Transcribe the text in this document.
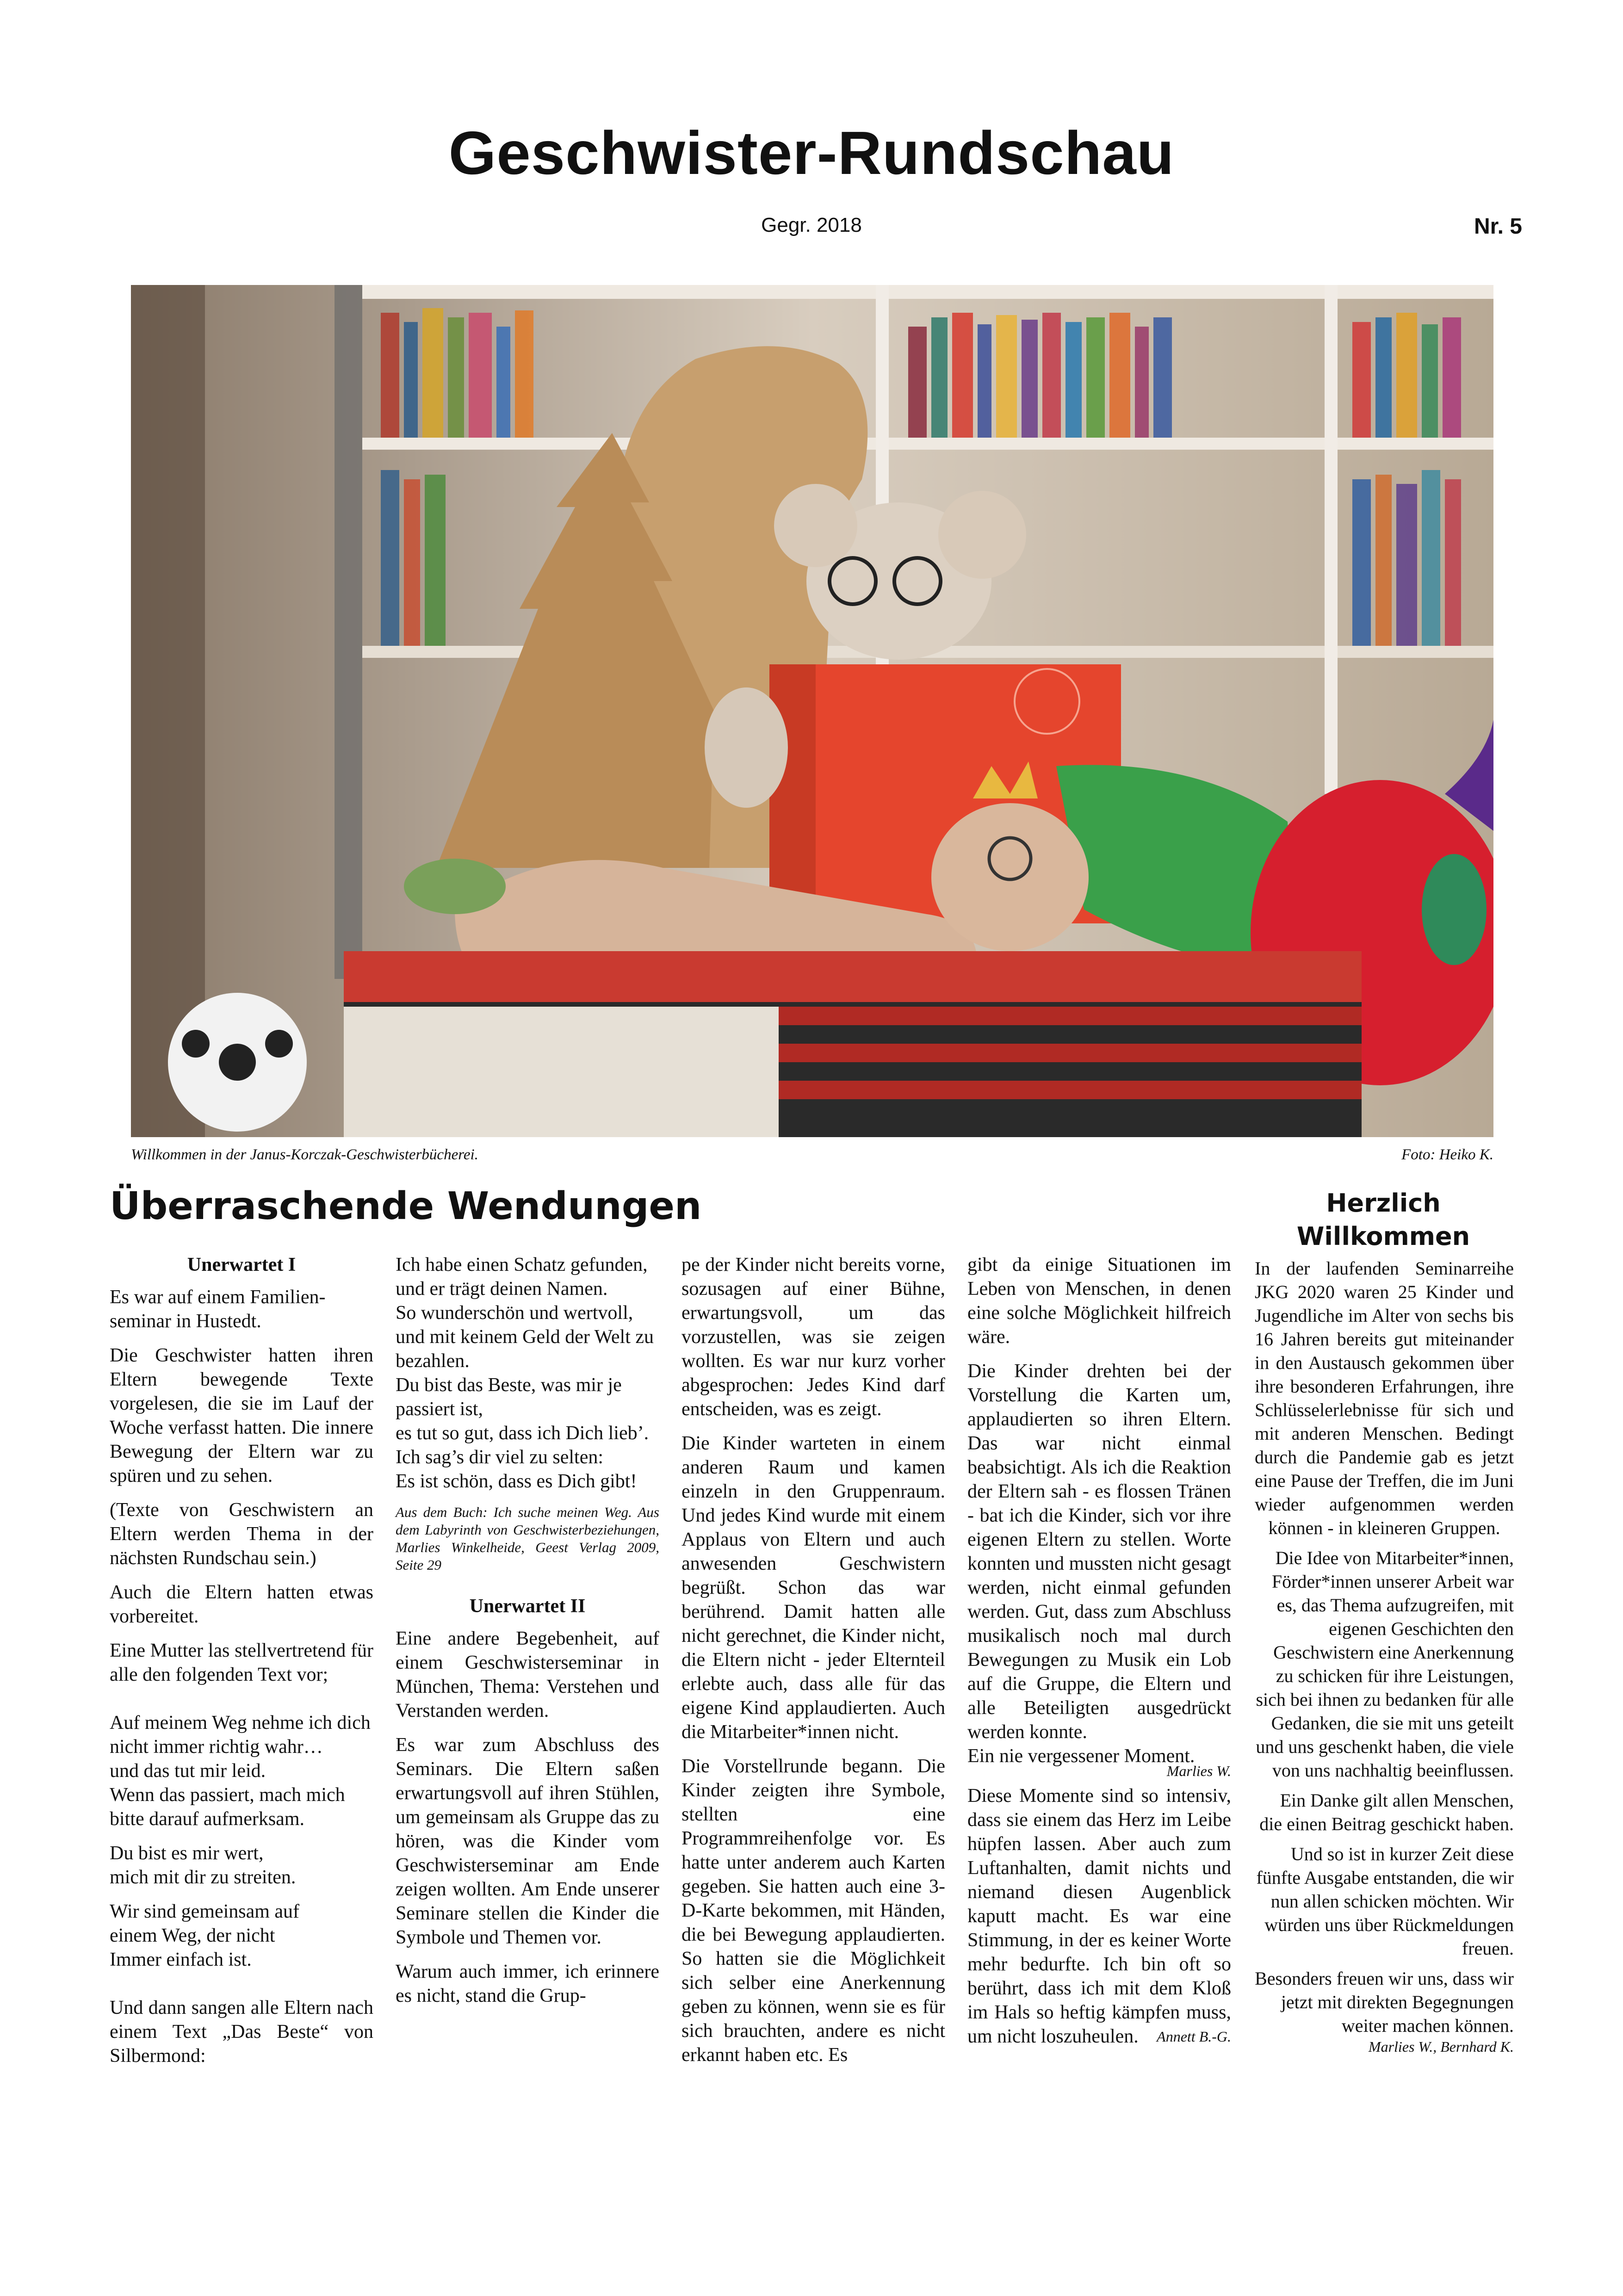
Geschwister-Rundschau
Gegr. 2018	Nr. 5
Willkommen in der Janus-Korczak-Geschwisterbücherei.	Foto: Heiko K.
Überraschende Wendungen	Herzlich Willkommen
Unerwartet I

Es war auf einem Familien-seminar in Hustedt.

Die Geschwister hatten ihren Eltern bewegende Texte vorgelesen, die sie im Lauf der Woche verfasst hatten. Die innere Bewegung der Eltern war zu spüren und zu sehen.

(Texte von Geschwistern an Eltern werden Thema in der nächsten Rundschau sein.)

Auch die Eltern hatten etwas vorbereitet.

Eine Mutter las stellvertretend für alle den folgenden Text vor;

Auf meinem Weg nehme ich dich
nicht immer richtig wahr…
und das tut mir leid.
Wenn das passiert, mach mich bitte darauf aufmerksam.

Du bist es mir wert,
mich mit dir zu streiten.

Wir sind gemeinsam auf
einem Weg, der nicht
Immer einfach ist.

Und dann sangen alle Eltern nach einem Text „Das Beste“ von Silbermond:

Ich habe einen Schatz gefunden,
und er trägt deinen Namen.
So wunderschön und wertvoll, und mit keinem Geld der Welt zu bezahlen.
Du bist das Beste, was mir je passiert ist,
es tut so gut, dass ich Dich lieb’.
Ich sag’s dir viel zu selten:
Es ist schön, dass es Dich gibt!

Aus dem Buch: Ich suche meinen Weg. Aus dem Labyrinth von Geschwisterbeziehungen, Marlies Winkelheide, Geest Verlag 2009, Seite 29

Unerwartet II

Eine andere Begebenheit, auf einem Geschwisterseminar in München, Thema: Verstehen und Verstanden werden.

Es war zum Abschluss des Seminars. Die Eltern saßen erwartungsvoll auf ihren Stühlen, um gemeinsam als Gruppe das zu hören, was die Kinder vom Geschwisterseminar am Ende zeigen wollten. Am Ende unserer Seminare stellen die Kinder die Symbole und Themen vor.

Warum auch immer, ich erinnere es nicht, stand die Grup-

pe der Kinder nicht bereits vorne, sozusagen auf einer Bühne, erwartungsvoll, um das vorzustellen, was sie zeigen wollten. Es war nur kurz vorher abgesprochen: Jedes Kind darf entscheiden, was es zeigt.

Die Kinder warteten in einem anderen Raum und kamen einzeln in den Gruppenraum. Und jedes Kind wurde mit einem Applaus von Eltern und auch anwesenden Geschwistern begrüßt. Schon das war berührend. Damit hatten alle nicht gerechnet, die Kinder nicht, die Eltern nicht - jeder Elternteil erlebte auch, dass alle für das eigene Kind applaudierten. Auch die Mitarbeiter*innen nicht.

Die Vorstellrunde begann. Die Kinder zeigten ihre Symbole, stellten eine Programmreihenfolge vor. Es hatte unter anderem auch Karten gegeben. Sie hatten auch eine 3-D-Karte bekommen, mit Händen, die bei Bewegung applaudierten. So hatten sie die Möglichkeit sich selber eine Anerkennung geben zu können, wenn sie es für sich brauchten, andere es nicht erkannt haben etc. Es

gibt da einige Situationen im Leben von Menschen, in denen eine solche Möglichkeit hilfreich wäre.

Die Kinder drehten bei der Vorstellung die Karten um, applaudierten so ihren Eltern. Das war nicht einmal beabsichtigt. Als ich die Reaktion der Eltern sah - es flossen Tränen - bat ich die Kinder, sich vor ihre eigenen Eltern zu stellen. Worte konnten und mussten nicht gesagt werden, nicht einmal gefunden werden. Gut, dass zum Abschluss musikalisch noch mal durch Bewegungen zu Musik ein Lob auf die Gruppe, die Eltern und alle Beteiligten ausgedrückt werden konnte.

Ein nie vergessener Moment.

Marlies W.

Diese Momente sind so intensiv, dass sie einem das Herz im Leibe hüpfen lassen. Aber auch zum Luftanhalten, damit nichts und niemand diesen Augenblick kaputt macht. Es war eine Stimmung, in der es keiner Worte mehr bedurfte. Ich bin oft so berührt, dass ich mit dem Kloß im Hals so heftig kämpfen muss, um nicht loszuheulen. Annett B.-G.

In der laufenden Seminarreihe JKG 2020 waren 25 Kinder und Jugendliche im Alter von sechs bis 16 Jahren bereits gut miteinander in den Austausch gekommen über ihre besonderen Erfahrungen, ihre Schlüsselerlebnisse für sich und mit anderen Menschen. Bedingt durch die Pandemie gab es jetzt eine Pause der Treffen, die im Juni wieder aufgenommen werden können - in kleineren Gruppen.

Die Idee von Mitarbeiter*innen, Förder*innen unserer Arbeit war es, das Thema aufzugreifen, mit eigenen Geschichten den Geschwistern eine Anerkennung zu schicken für ihre Leistungen, sich bei ihnen zu bedanken für alle Gedanken, die sie mit uns geteilt und uns geschenkt haben, die viele von uns nachhaltig beeinflussen.

Ein Danke gilt allen Menschen, die einen Beitrag geschickt haben.

Und so ist in kurzer Zeit diese fünfte Ausgabe entstanden, die wir nun allen schicken möchten. Wir würden uns über Rückmeldungen freuen.

Besonders freuen wir uns, dass wir jetzt mit direkten Begegnungen weiter machen können.

Marlies W., Bernhard K.
